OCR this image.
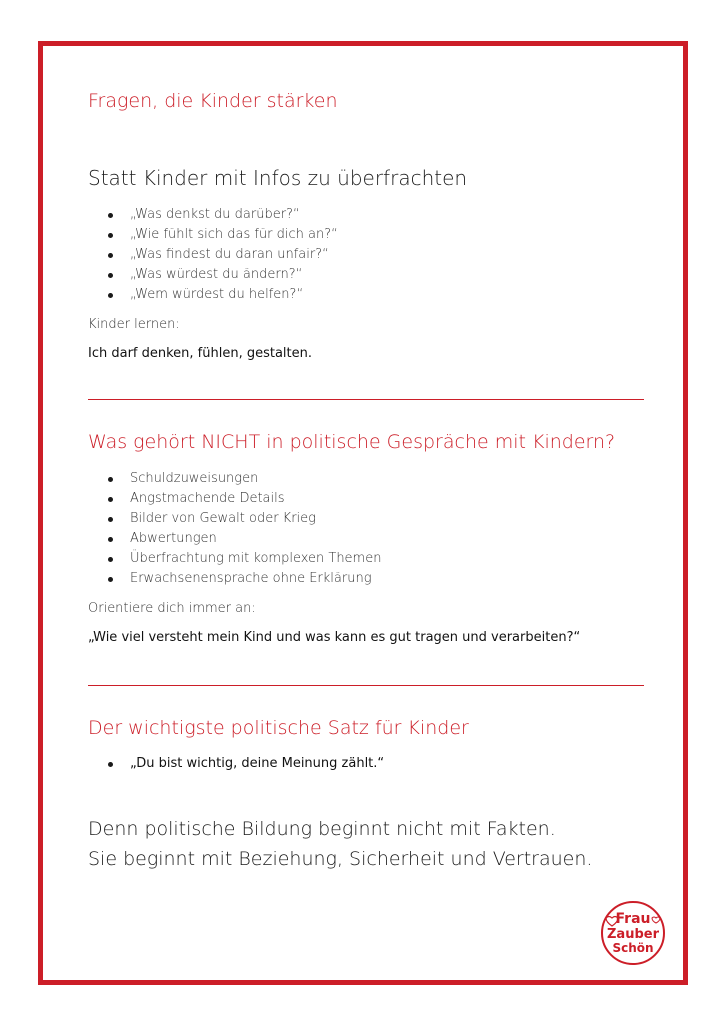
Fragen, die Kinder stärken
Statt Kinder mit Infos zu überfrachten
„Was denkst du darüber?“
„Wie fühlt sich das für dich an?“
„Was findest du daran unfair?“
„Was würdest du ändern?“
„Wem würdest du helfen?“

Kinder lernen:

Ich darf denken, fühlen, gestalten.

Was gehört NICHT in politische Gespräche mit Kindern?
Schuldzuweisungen
Angstmachende Details
Bilder von Gewalt oder Krieg
Abwertungen
Überfrachtung mit komplexen Themen
Erwachsenensprache ohne Erklärung

Orientiere dich immer an:

„Wie viel versteht mein Kind und was kann es gut tragen und verarbeiten?“

Der wichtigste politische Satz für Kinder
„Du bist wichtig, deine Meinung zählt.“

Denn politische Bildung beginnt nicht mit Fakten.

Sie beginnt mit Beziehung, Sicherheit und Vertrauen.

Frau
Zauber
Schön
